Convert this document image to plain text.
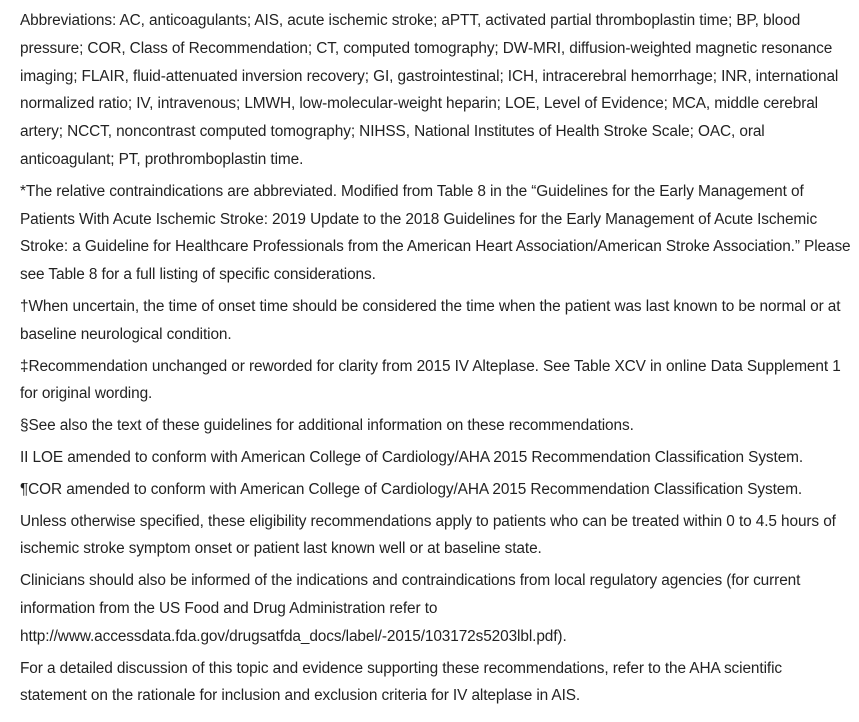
Abbreviations: AC, anticoagulants; AIS, acute ischemic stroke; aPTT, activated partial thromboplastin time; BP, blood pressure; COR, Class of Recommendation; CT, computed tomography; DW-MRI, diffusion-weighted magnetic resonance imaging; FLAIR, fluid-attenuated inversion recovery; GI, gastrointestinal; ICH, intracerebral hemorrhage; INR, international normalized ratio; IV, intravenous; LMWH, low-molecular-weight heparin; LOE, Level of Evidence; MCA, middle cerebral artery; NCCT, noncontrast computed tomography; NIHSS, National Institutes of Health Stroke Scale; OAC, oral anticoagulant; PT, prothromboplastin time.

*The relative contraindications are abbreviated. Modified from Table 8 in the “Guidelines for the Early Management of Patients With Acute Ischemic Stroke: 2019 Update to the 2018 Guidelines for the Early Management of Acute Ischemic Stroke: a Guideline for Healthcare Professionals from the American Heart Association/American Stroke Association.” Please see Table 8 for a full listing of specific considerations.

†When uncertain, the time of onset time should be considered the time when the patient was last known to be normal or at baseline neurological condition.

‡Recommendation unchanged or reworded for clarity from 2015 IV Alteplase. See Table XCV in online Data Supplement 1 for original wording.

§See also the text of these guidelines for additional information on these recommendations.

II LOE amended to conform with American College of Cardiology/AHA 2015 Recommendation Classification System.

¶COR amended to conform with American College of Cardiology/AHA 2015 Recommendation Classification System.

Unless otherwise specified, these eligibility recommendations apply to patients who can be treated within 0 to 4.5 hours of ischemic stroke symptom onset or patient last known well or at baseline state.

Clinicians should also be informed of the indications and contraindications from local regulatory agencies (for current information from the US Food and Drug Administration refer to http://www.accessdata.fda.gov/drugsatfda_docs/label/-2015/103172s5203lbl.pdf).

For a detailed discussion of this topic and evidence supporting these recommendations, refer to the AHA scientific statement on the rationale for inclusion and exclusion criteria for IV alteplase in AIS.
